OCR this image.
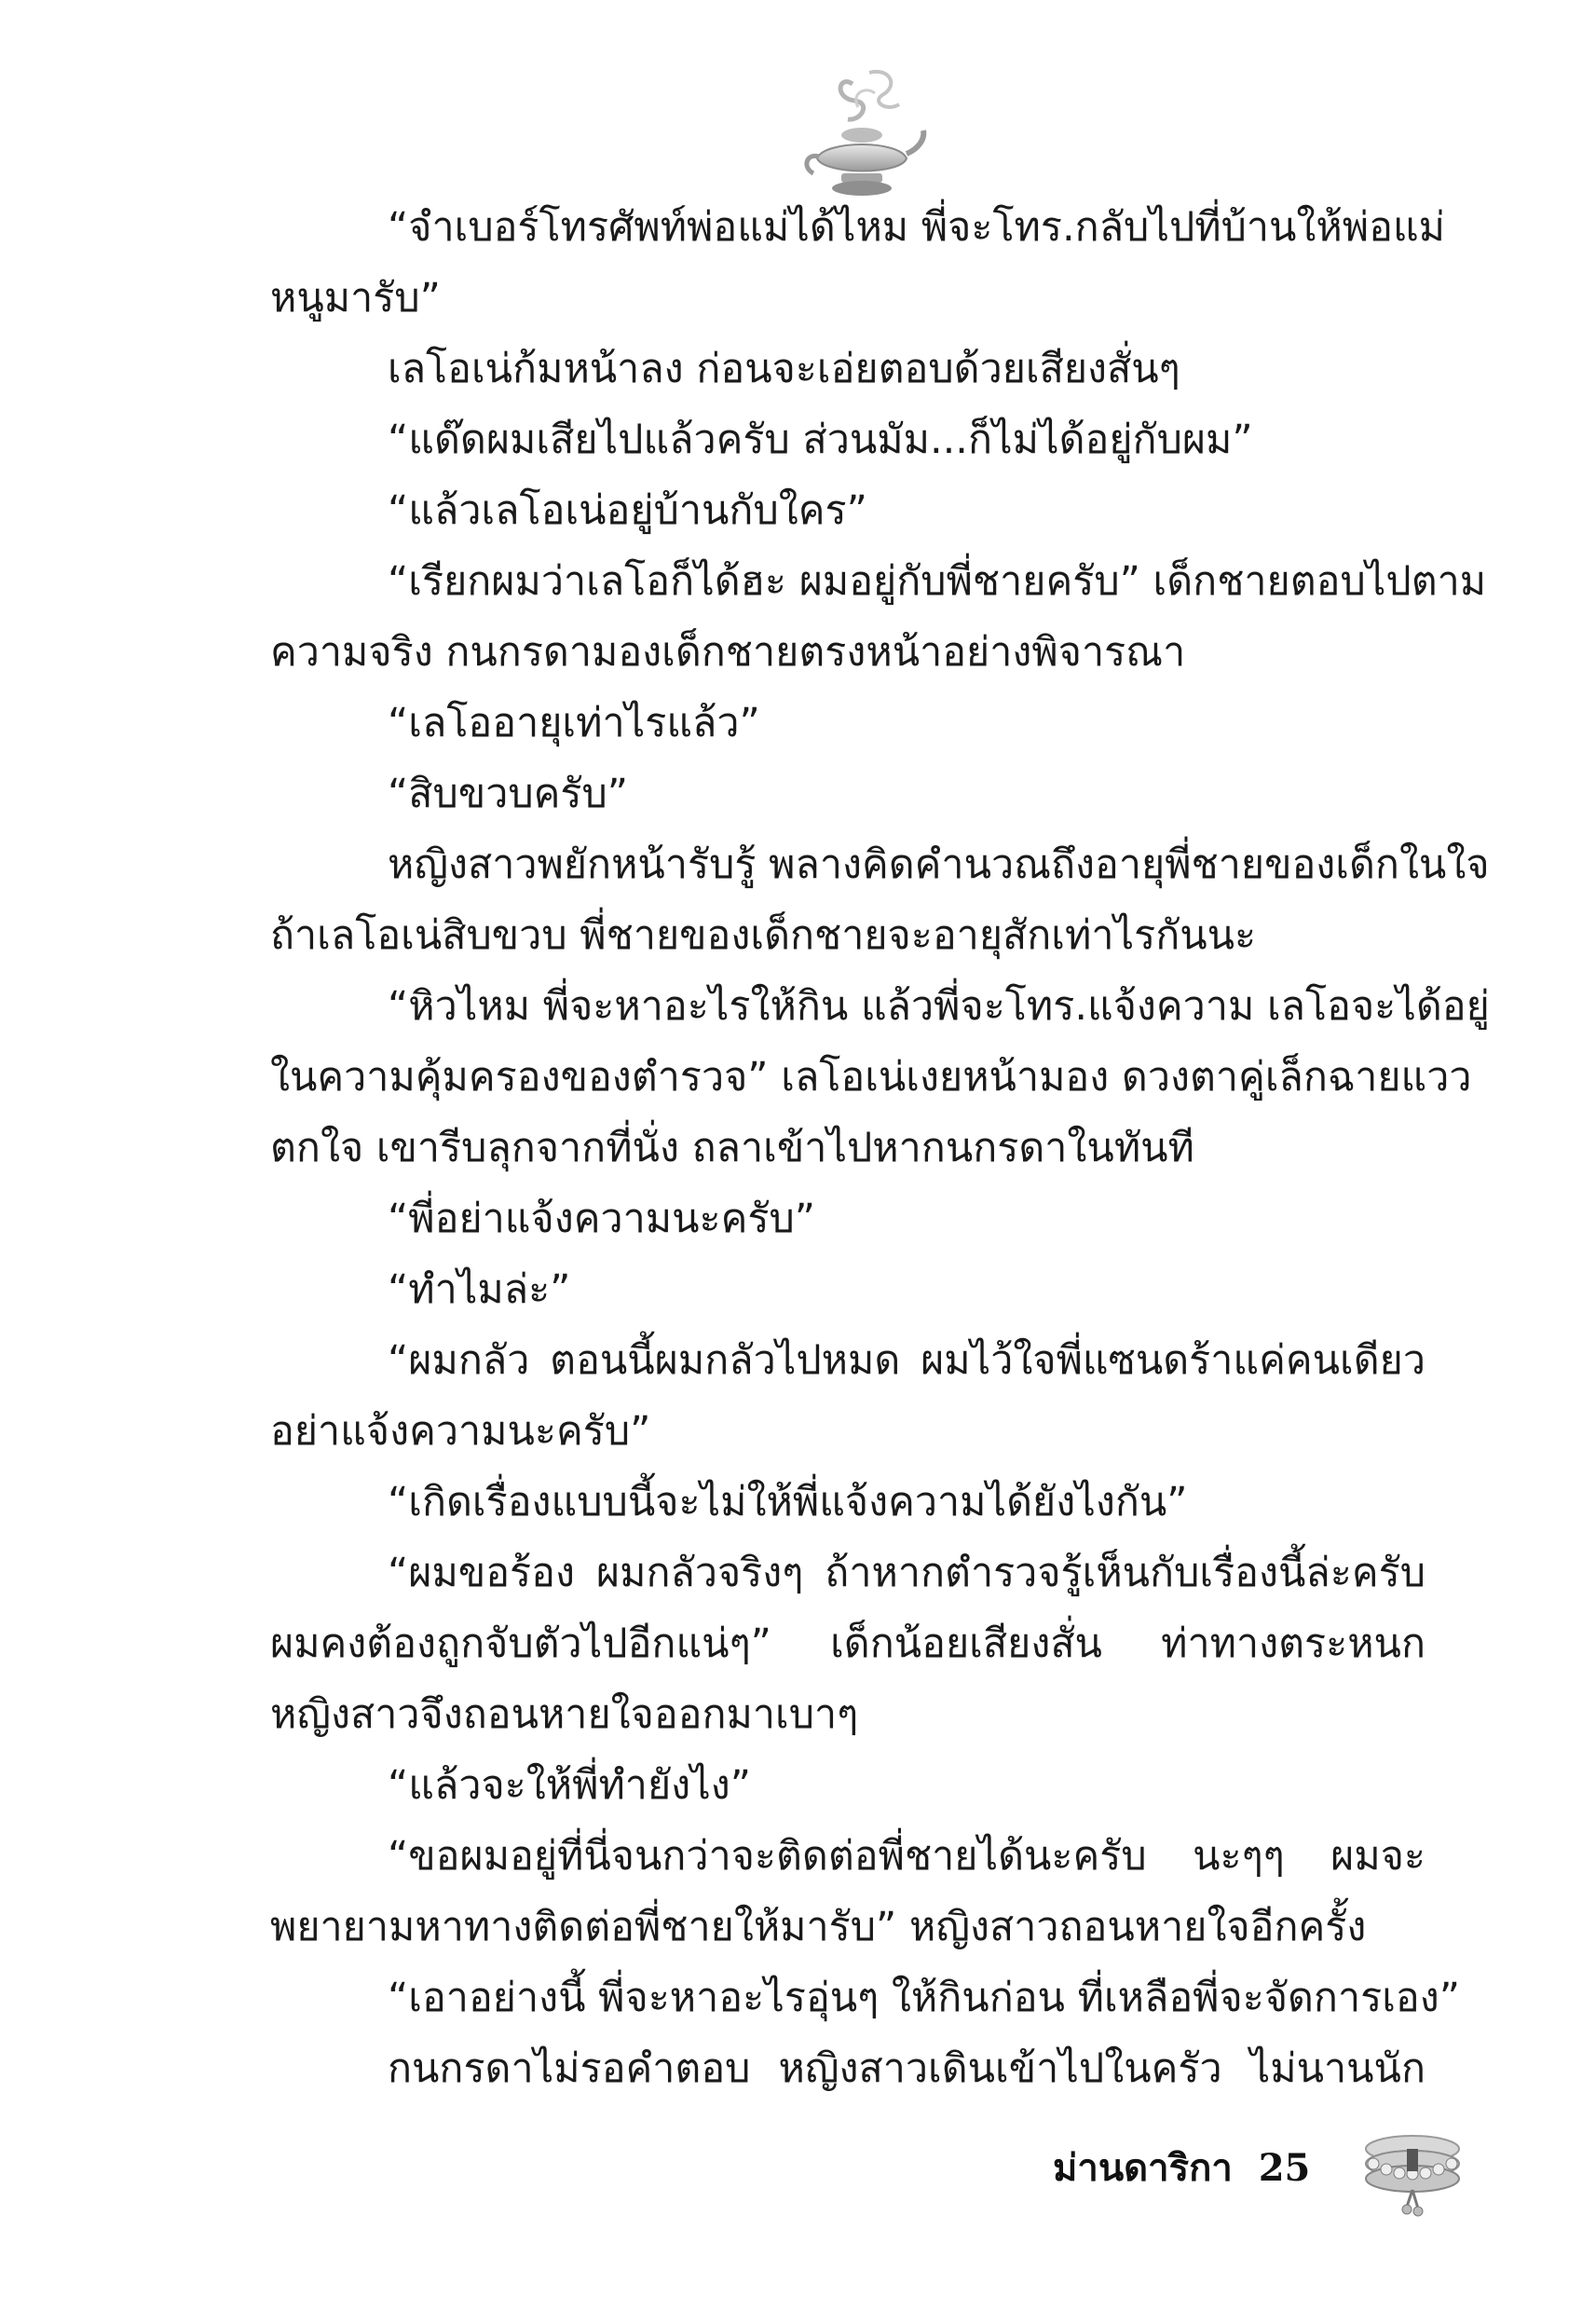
“จำเบอร์โทรศัพท์พ่อแม่ได้ไหม พี่จะโทร.กลับไปที่บ้านให้พ่อแม่
หนูมารับ”
เลโอเน่ก้มหน้าลง ก่อนจะเอ่ยตอบด้วยเสียงสั่นๆ
“แด๊ดผมเสียไปแล้วครับ ส่วนมัม...ก็ไม่ได้อยู่กับผม”
“แล้วเลโอเน่อยู่บ้านกับใคร”
“เรียกผมว่าเลโอก็ได้ฮะ ผมอยู่กับพี่ชายครับ” เด็กชายตอบไปตาม
ความจริง กนกรดามองเด็กชายตรงหน้าอย่างพิจารณา
“เลโออายุเท่าไรแล้ว”
“สิบขวบครับ”
หญิงสาวพยักหน้ารับรู้ พลางคิดคำนวณถึงอายุพี่ชายของเด็กในใจ
ถ้าเลโอเน่สิบขวบ พี่ชายของเด็กชายจะอายุสักเท่าไรกันนะ
“หิวไหม พี่จะหาอะไรให้กิน แล้วพี่จะโทร.แจ้งความ เลโอจะได้อยู่
ในความคุ้มครองของตำรวจ” เลโอเน่เงยหน้ามอง ดวงตาคู่เล็กฉายแวว
ตกใจ เขารีบลุกจากที่นั่ง ถลาเข้าไปหากนกรดาในทันที
“พี่อย่าแจ้งความนะครับ”
“ทำไมล่ะ”
“ผมกลัว ตอนนี้ผมกลัวไปหมด ผมไว้ใจพี่แซนดร้าแค่คนเดียว
อย่าแจ้งความนะครับ”
“เกิดเรื่องแบบนี้จะไม่ให้พี่แจ้งความได้ยังไงกัน”
“ผมขอร้อง ผมกลัวจริงๆ ถ้าหากตำรวจรู้เห็นกับเรื่องนี้ล่ะครับ
ผมคงต้องถูกจับตัวไปอีกแน่ๆ” เด็กน้อยเสียงสั่น ท่าทางตระหนก
หญิงสาวจึงถอนหายใจออกมาเบาๆ
“แล้วจะให้พี่ทำยังไง”
“ขอผมอยู่ที่นี่จนกว่าจะติดต่อพี่ชายได้นะครับ นะๆๆ ผมจะ
พยายามหาทางติดต่อพี่ชายให้มารับ” หญิงสาวถอนหายใจอีกครั้ง
“เอาอย่างนี้ พี่จะหาอะไรอุ่นๆ ให้กินก่อน ที่เหลือพี่จะจัดการเอง”
กนกรดาไม่รอคำตอบ หญิงสาวเดินเข้าไปในครัว ไม่นานนัก
ม่านดาริกา 25
